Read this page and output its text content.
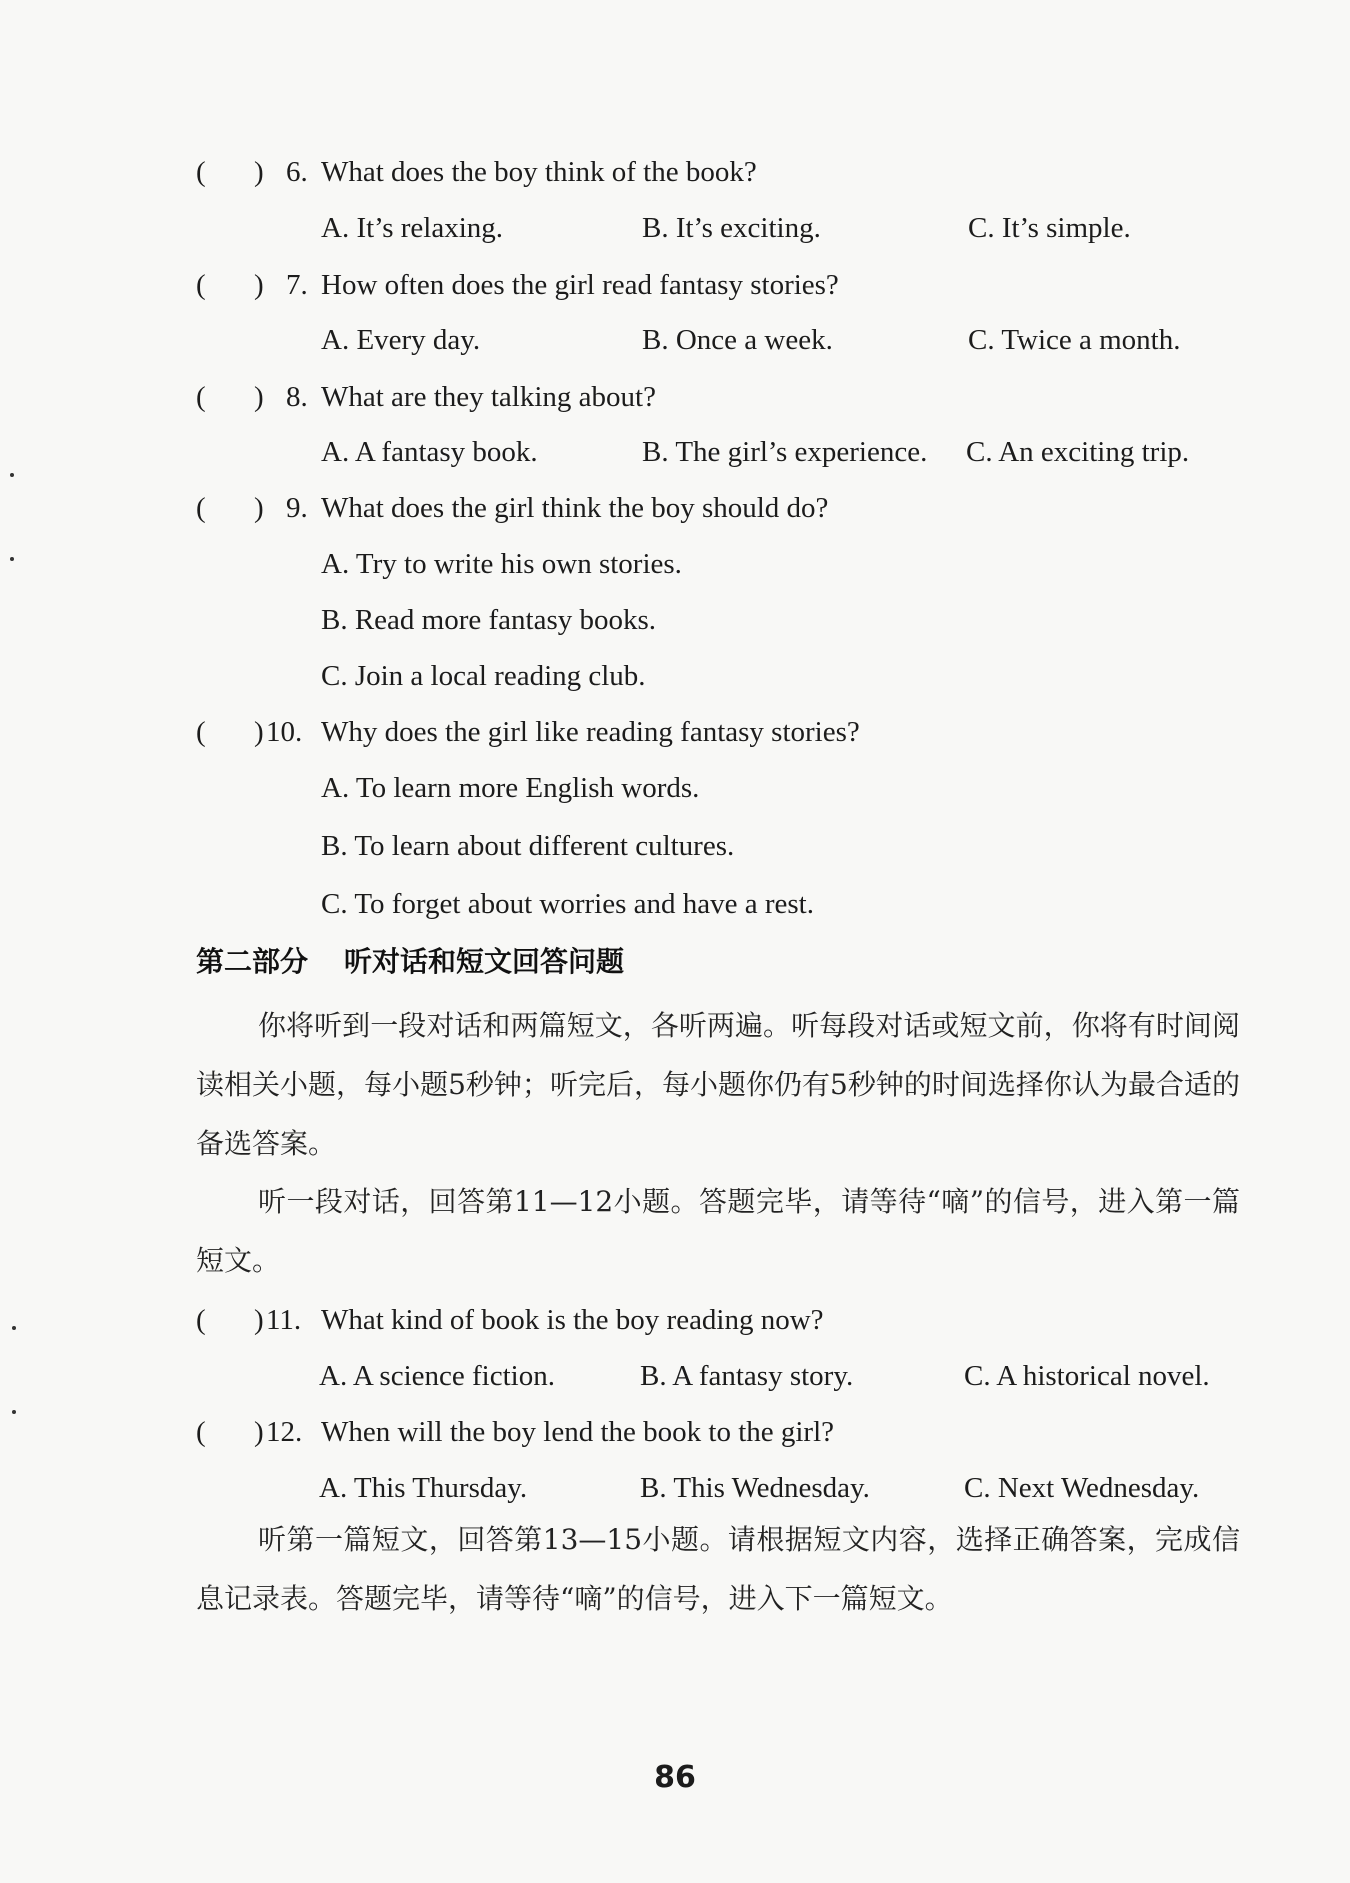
( ) 6. What does the boy think of the book?
A. It’s relaxing.	B. It’s exciting.	C. It’s simple.
( ) 7. How often does the girl read fantasy stories?
A. Every day.	B. Once a week.	C. Twice a month.
( ) 8. What are they talking about?
A. A fantasy book.	B. The girl’s experience. C. An exciting trip.
( ) 9. What does the girl think the boy should do?
A. Try to write his own stories.
B. Read more fantasy books.
C. Join a local reading club.
( ) 10. Why does the girl like reading fantasy stories?
A. To learn more English words.
B. To learn about different cultures.
C. To forget about worries and have a rest.
第二部分 听对话和短文回答问题
你将听到一段对话和两篇短文，各听两遍。听每段对话或短文前，你将有时间阅读相关小题，每小题5秒钟；听完后，每小题你仍有5秒钟的时间选择你认为最合适的备选答案。
听一段对话，回答第11—12小题。答题完毕，请等待“嘀”的信号，进入第一篇短文。
( ) 11. What kind of book is the boy reading now?
A. A science fiction.	B. A fantasy story.	C. A historical novel.
( ) 12. When will the boy lend the book to the girl?
A. This Thursday.	B. This Wednesday.	C. Next Wednesday.
听第一篇短文，回答第13—15小题。请根据短文内容，选择正确答案，完成信息记录表。答题完毕，请等待“嘀”的信号，进入下一篇短文。
86
